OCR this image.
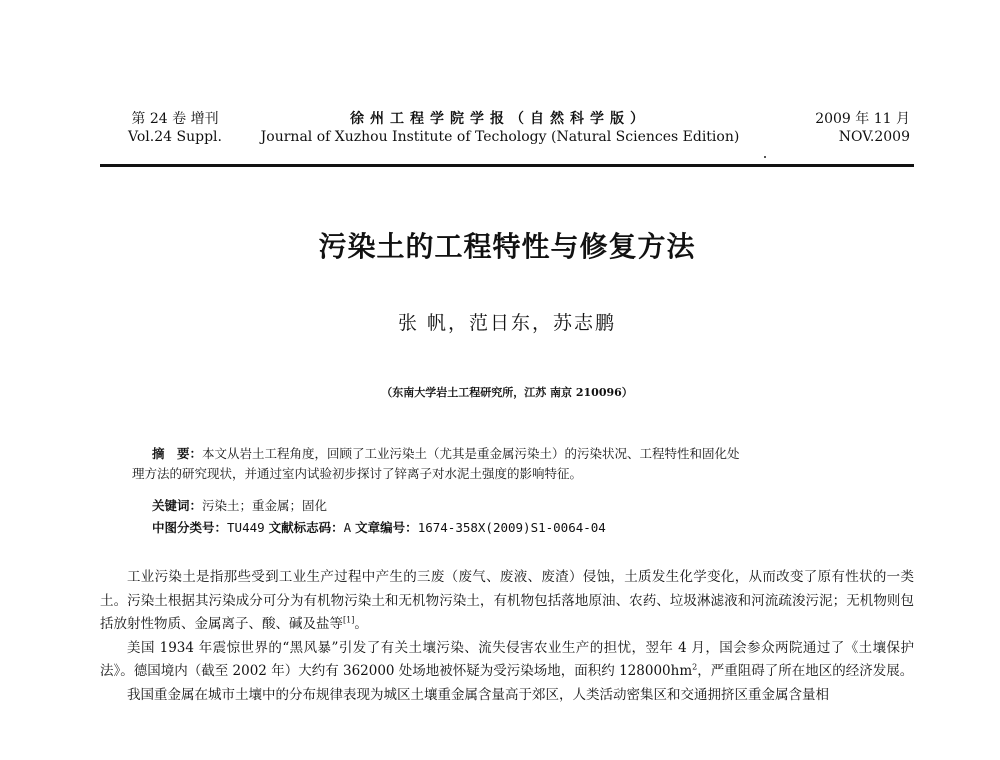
第 24 卷 增刊
Vol.24 Suppl.
徐州工程学院学报（自然科学版）
Journal of Xuzhou Institute of Techology (Natural Sciences Edition)
2009 年 11 月
NOV.2009
污染土的工程特性与修复方法
张 帆，范日东，苏志鹏
（东南大学岩土工程研究所，江苏 南京 210096）

摘　要：本文从岩土工程角度，回顾了工业污染土（尤其是重金属污染土）的污染状况、工程特性和固化处

理方法的研究现状，并通过室内试验初步探讨了锌离子对水泥土强度的影响特征。

关键词：污染土；重金属；固化
中图分类号：TU449 文献标志码：A 文章编号：1674-358X(2009)S1-0064-04

工业污染土是指那些受到工业生产过程中产生的三废（废气、废液、废渣）侵蚀，土质发生化学变化，从而改变了原有性状的一类土。污染土根据其污染成分可分为有机物污染土和无机物污染土，有机物包括落地原油、农药、垃圾淋滤液和河流疏浚污泥；无机物则包括放射性物质、金属离子、酸、碱及盐等[1]。

美国 1934 年震惊世界的“黑风暴”引发了有关土壤污染、流失侵害农业生产的担忧，翌年 4 月，国会参众两院通过了《土壤保护法》。德国境内（截至 2002 年）大约有 362000 处场地被怀疑为受污染场地，面积约 $128000hm^2$，严重阻碍了所在地区的经济发展。

我国重金属在城市土壤中的分布规律表现为城区土壤重金属含量高于郊区，人类活动密集区和交通拥挤区重金属含量相
